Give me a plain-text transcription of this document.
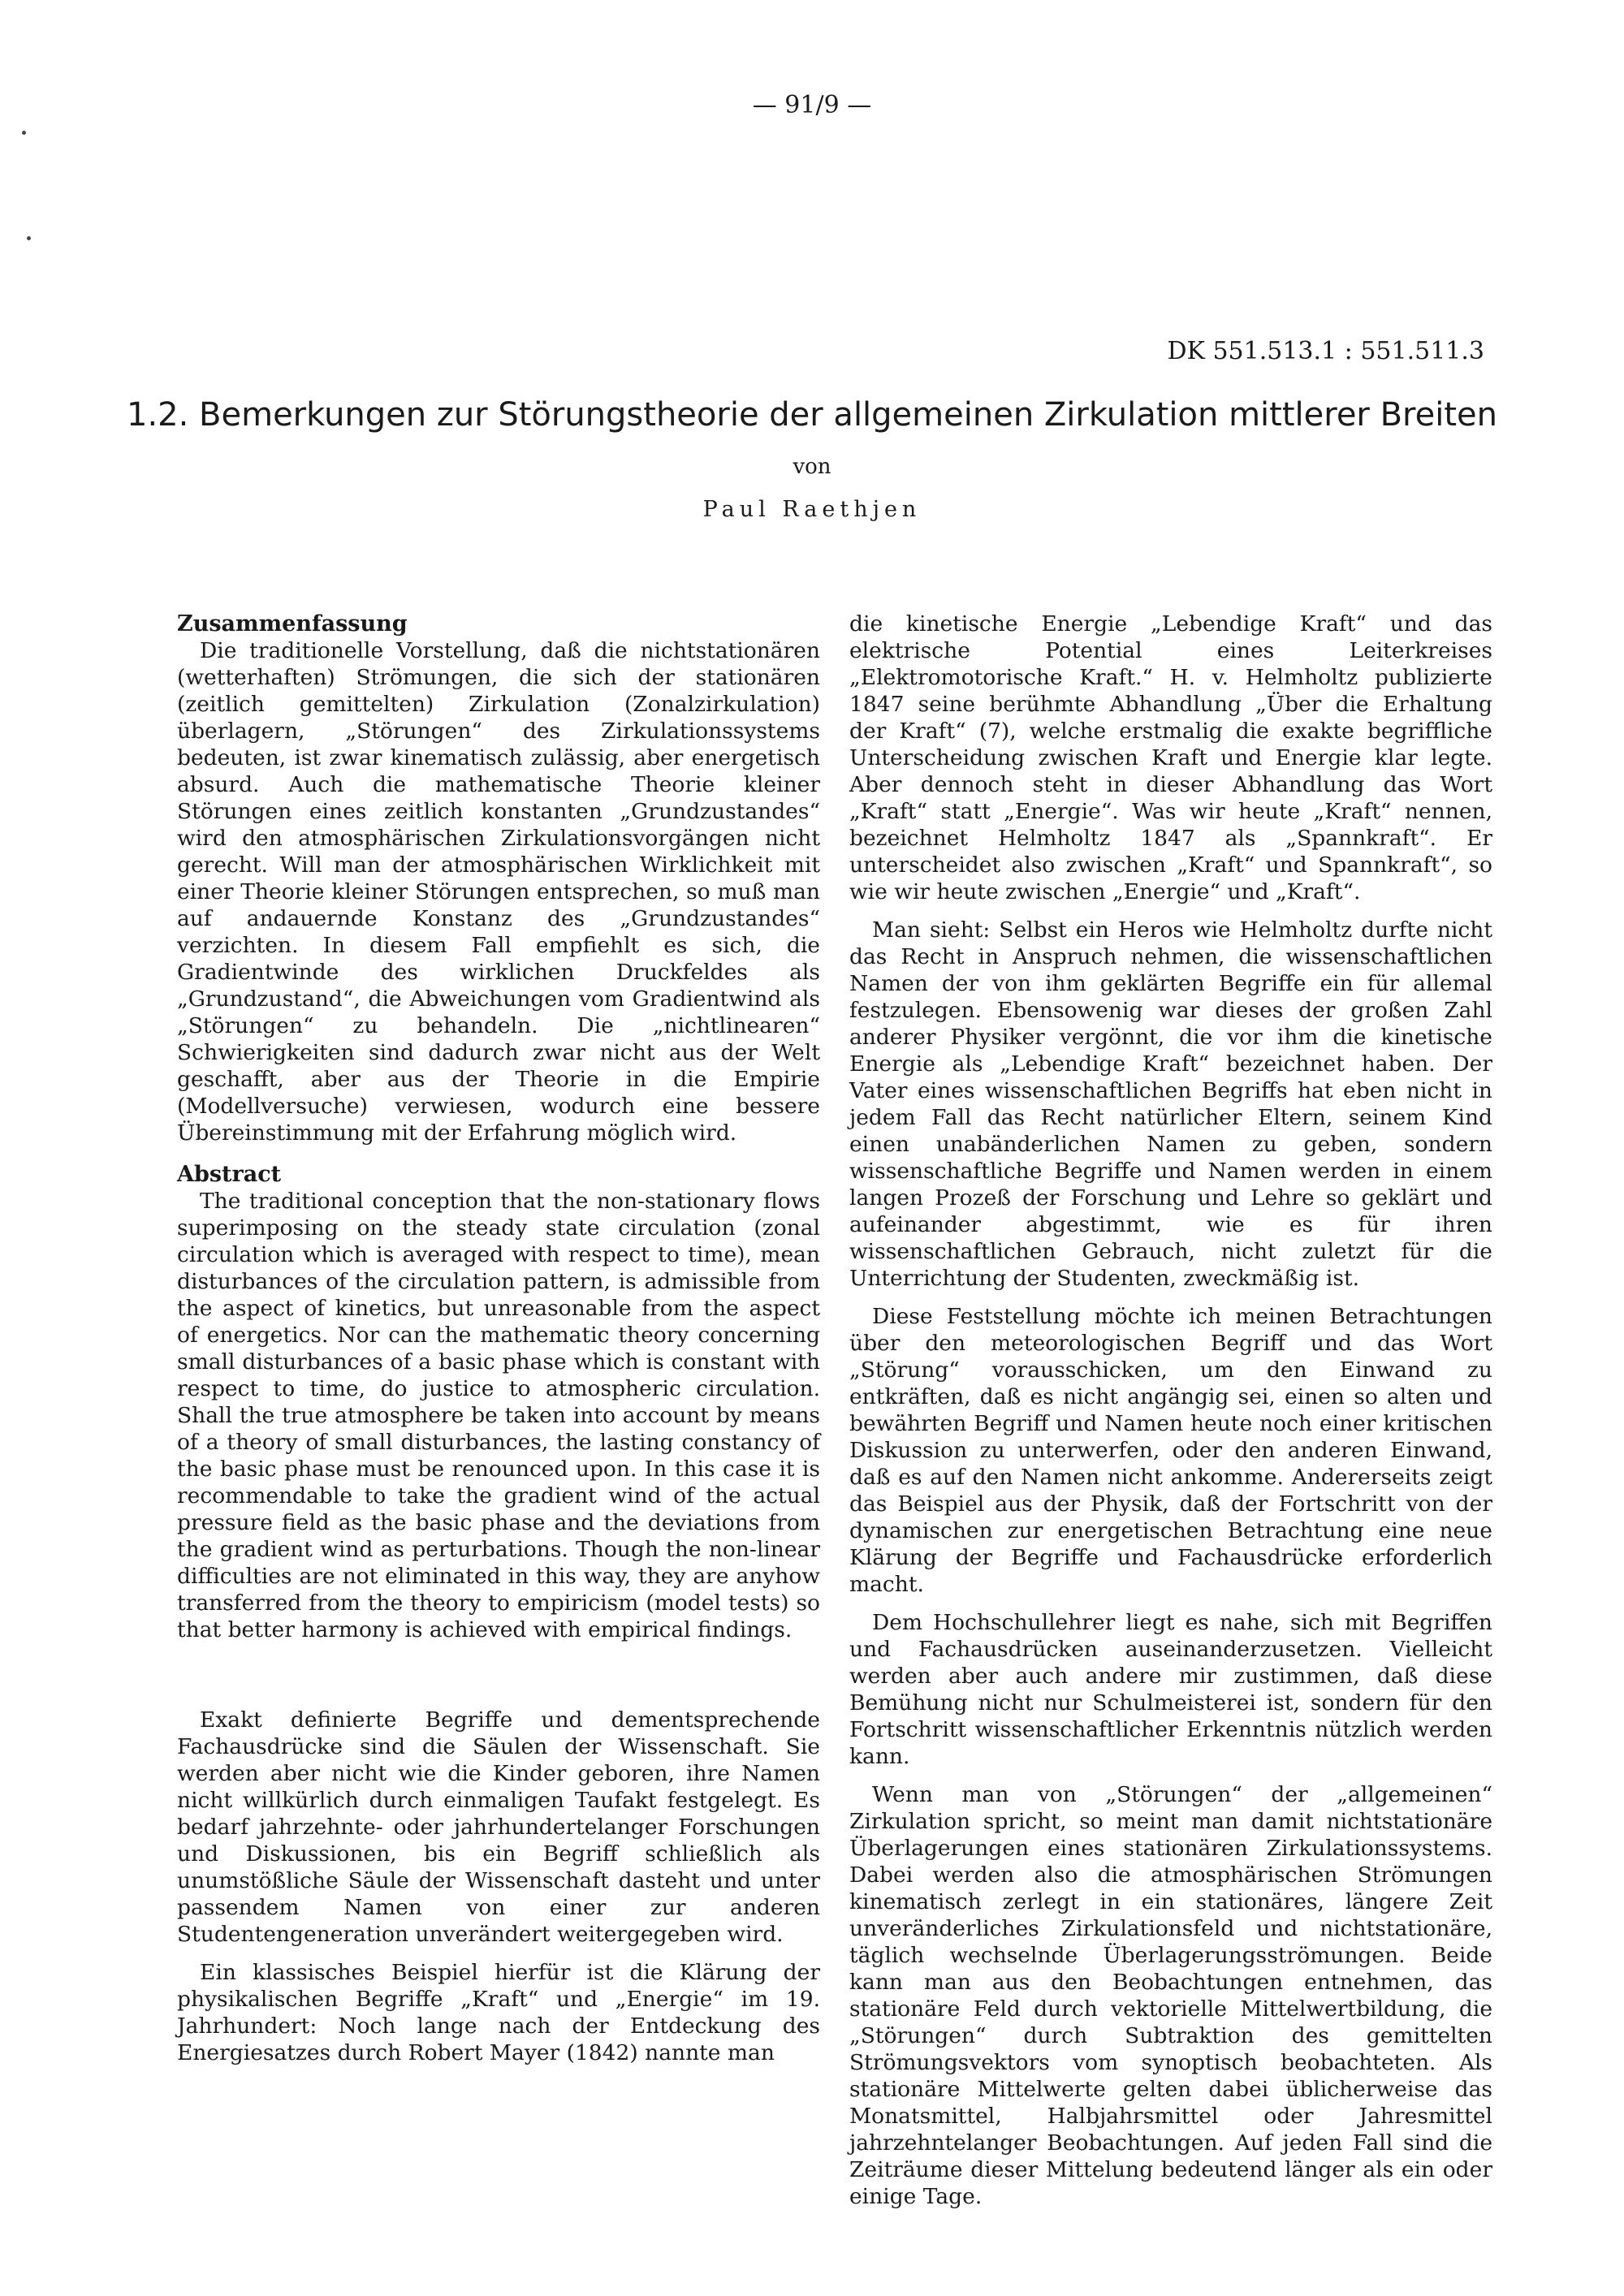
— 91/9 —
DK 551.513.1 : 551.511.3
1.2. Bemerkungen zur Störungstheorie der allgemeinen Zirkulation mittlerer Breiten
von
Paul Raethjen
Zusammenfassung

Die traditionelle Vorstellung, daß die nichtstationären (wetterhaften) Strömungen, die sich der stationären (zeitlich gemittelten) Zirkulation (Zonalzirkulation) überlagern, „Störungen“ des Zirkulationssystems bedeuten, ist zwar kinematisch zulässig, aber energetisch absurd. Auch die mathematische Theorie kleiner Störungen eines zeitlich konstanten „Grundzustandes“ wird den atmosphärischen Zirkulationsvorgängen nicht gerecht. Will man der atmosphärischen Wirklichkeit mit einer Theorie kleiner Störungen entsprechen, so muß man auf andauernde Konstanz des „Grundzustandes“ verzichten. In diesem Fall empfiehlt es sich, die Gradientwinde des wirklichen Druckfeldes als „Grundzustand“, die Abweichungen vom Gradientwind als „Störungen“ zu behandeln. Die „nichtlinearen“ Schwierigkeiten sind dadurch zwar nicht aus der Welt geschafft, aber aus der Theorie in die Empirie (Modellversuche) verwiesen, wodurch eine bessere Übereinstimmung mit der Erfahrung möglich wird.

Abstract

The traditional conception that the non-stationary flows superimposing on the steady state circulation (zonal circulation which is averaged with respect to time), mean disturbances of the circulation pattern, is admissible from the aspect of kinetics, but unreasonable from the aspect of energetics. Nor can the mathematic theory concerning small disturbances of a basic phase which is constant with respect to time, do justice to atmospheric circulation. Shall the true atmosphere be taken into account by means of a theory of small disturbances, the lasting constancy of the basic phase must be renounced upon. In this case it is recommendable to take the gradient wind of the actual pressure field as the basic phase and the deviations from the gradient wind as perturbations. Though the non-linear difficulties are not eliminated in this way, they are anyhow transferred from the theory to empiricism (model tests) so that better harmony is achieved with empirical findings.

Exakt definierte Begriffe und dementsprechende Fachausdrücke sind die Säulen der Wissenschaft. Sie werden aber nicht wie die Kinder geboren, ihre Namen nicht willkürlich durch einmaligen Taufakt festgelegt. Es bedarf jahrzehnte- oder jahrhundertelanger Forschungen und Diskussionen, bis ein Begriff schließlich als unumstößliche Säule der Wissenschaft dasteht und unter passendem Namen von einer zur anderen Studentengeneration unverändert weitergegeben wird.

Ein klassisches Beispiel hierfür ist die Klärung der physikalischen Begriffe „Kraft“ und „Energie“ im 19. Jahrhundert: Noch lange nach der Entdeckung des Energiesatzes durch Robert Mayer (1842) nannte man

die kinetische Energie „Lebendige Kraft“ und das elektrische Potential eines Leiterkreises „Elektromotorische Kraft.“ H. v. Helmholtz publizierte 1847 seine berühmte Abhandlung „Über die Erhaltung der Kraft“ (7), welche erstmalig die exakte begriffliche Unterscheidung zwischen Kraft und Energie klar legte. Aber dennoch steht in dieser Abhandlung das Wort „Kraft“ statt „Energie“. Was wir heute „Kraft“ nennen, bezeichnet Helmholtz 1847 als „Spannkraft“. Er unterscheidet also zwischen „Kraft“ und Spannkraft“, so wie wir heute zwischen „Energie“ und „Kraft“.

Man sieht: Selbst ein Heros wie Helmholtz durfte nicht das Recht in Anspruch nehmen, die wissenschaftlichen Namen der von ihm geklärten Begriffe ein für allemal festzulegen. Ebensowenig war dieses der großen Zahl anderer Physiker vergönnt, die vor ihm die kinetische Energie als „Lebendige Kraft“ bezeichnet haben. Der Vater eines wissenschaftlichen Begriffs hat eben nicht in jedem Fall das Recht natürlicher Eltern, seinem Kind einen unabänderlichen Namen zu geben, sondern wissenschaftliche Begriffe und Namen werden in einem langen Prozeß der Forschung und Lehre so geklärt und aufeinander abgestimmt, wie es für ihren wissenschaftlichen Gebrauch, nicht zuletzt für die Unterrichtung der Studenten, zweckmäßig ist.

Diese Feststellung möchte ich meinen Betrachtungen über den meteorologischen Begriff und das Wort „Störung“ vorausschicken, um den Einwand zu entkräften, daß es nicht angängig sei, einen so alten und bewährten Begriff und Namen heute noch einer kritischen Diskussion zu unterwerfen, oder den anderen Einwand, daß es auf den Namen nicht ankomme. Andererseits zeigt das Beispiel aus der Physik, daß der Fortschritt von der dynamischen zur energetischen Betrachtung eine neue Klärung der Begriffe und Fachausdrücke erforderlich macht.

Dem Hochschullehrer liegt es nahe, sich mit Begriffen und Fachausdrücken auseinanderzusetzen. Vielleicht werden aber auch andere mir zustimmen, daß diese Bemühung nicht nur Schulmeisterei ist, sondern für den Fortschritt wissenschaftlicher Erkenntnis nützlich werden kann.

Wenn man von „Störungen“ der „allgemeinen“ Zirkulation spricht, so meint man damit nichtstationäre Überlagerungen eines stationären Zirkulationssystems. Dabei werden also die atmosphärischen Strömungen kinematisch zerlegt in ein stationäres, längere Zeit unveränderliches Zirkulationsfeld und nichtstationäre, täglich wechselnde Überlagerungsströmungen. Beide kann man aus den Beobachtungen entnehmen, das stationäre Feld durch vektorielle Mittelwertbildung, die „Störungen“ durch Subtraktion des gemittelten Strömungsvektors vom synoptisch beobachteten. Als stationäre Mittelwerte gelten dabei üblicherweise das Monatsmittel, Halbjahrsmittel oder Jahresmittel jahrzehntelanger Beobachtungen. Auf jeden Fall sind die Zeiträume dieser Mittelung bedeutend länger als ein oder einige Tage.
